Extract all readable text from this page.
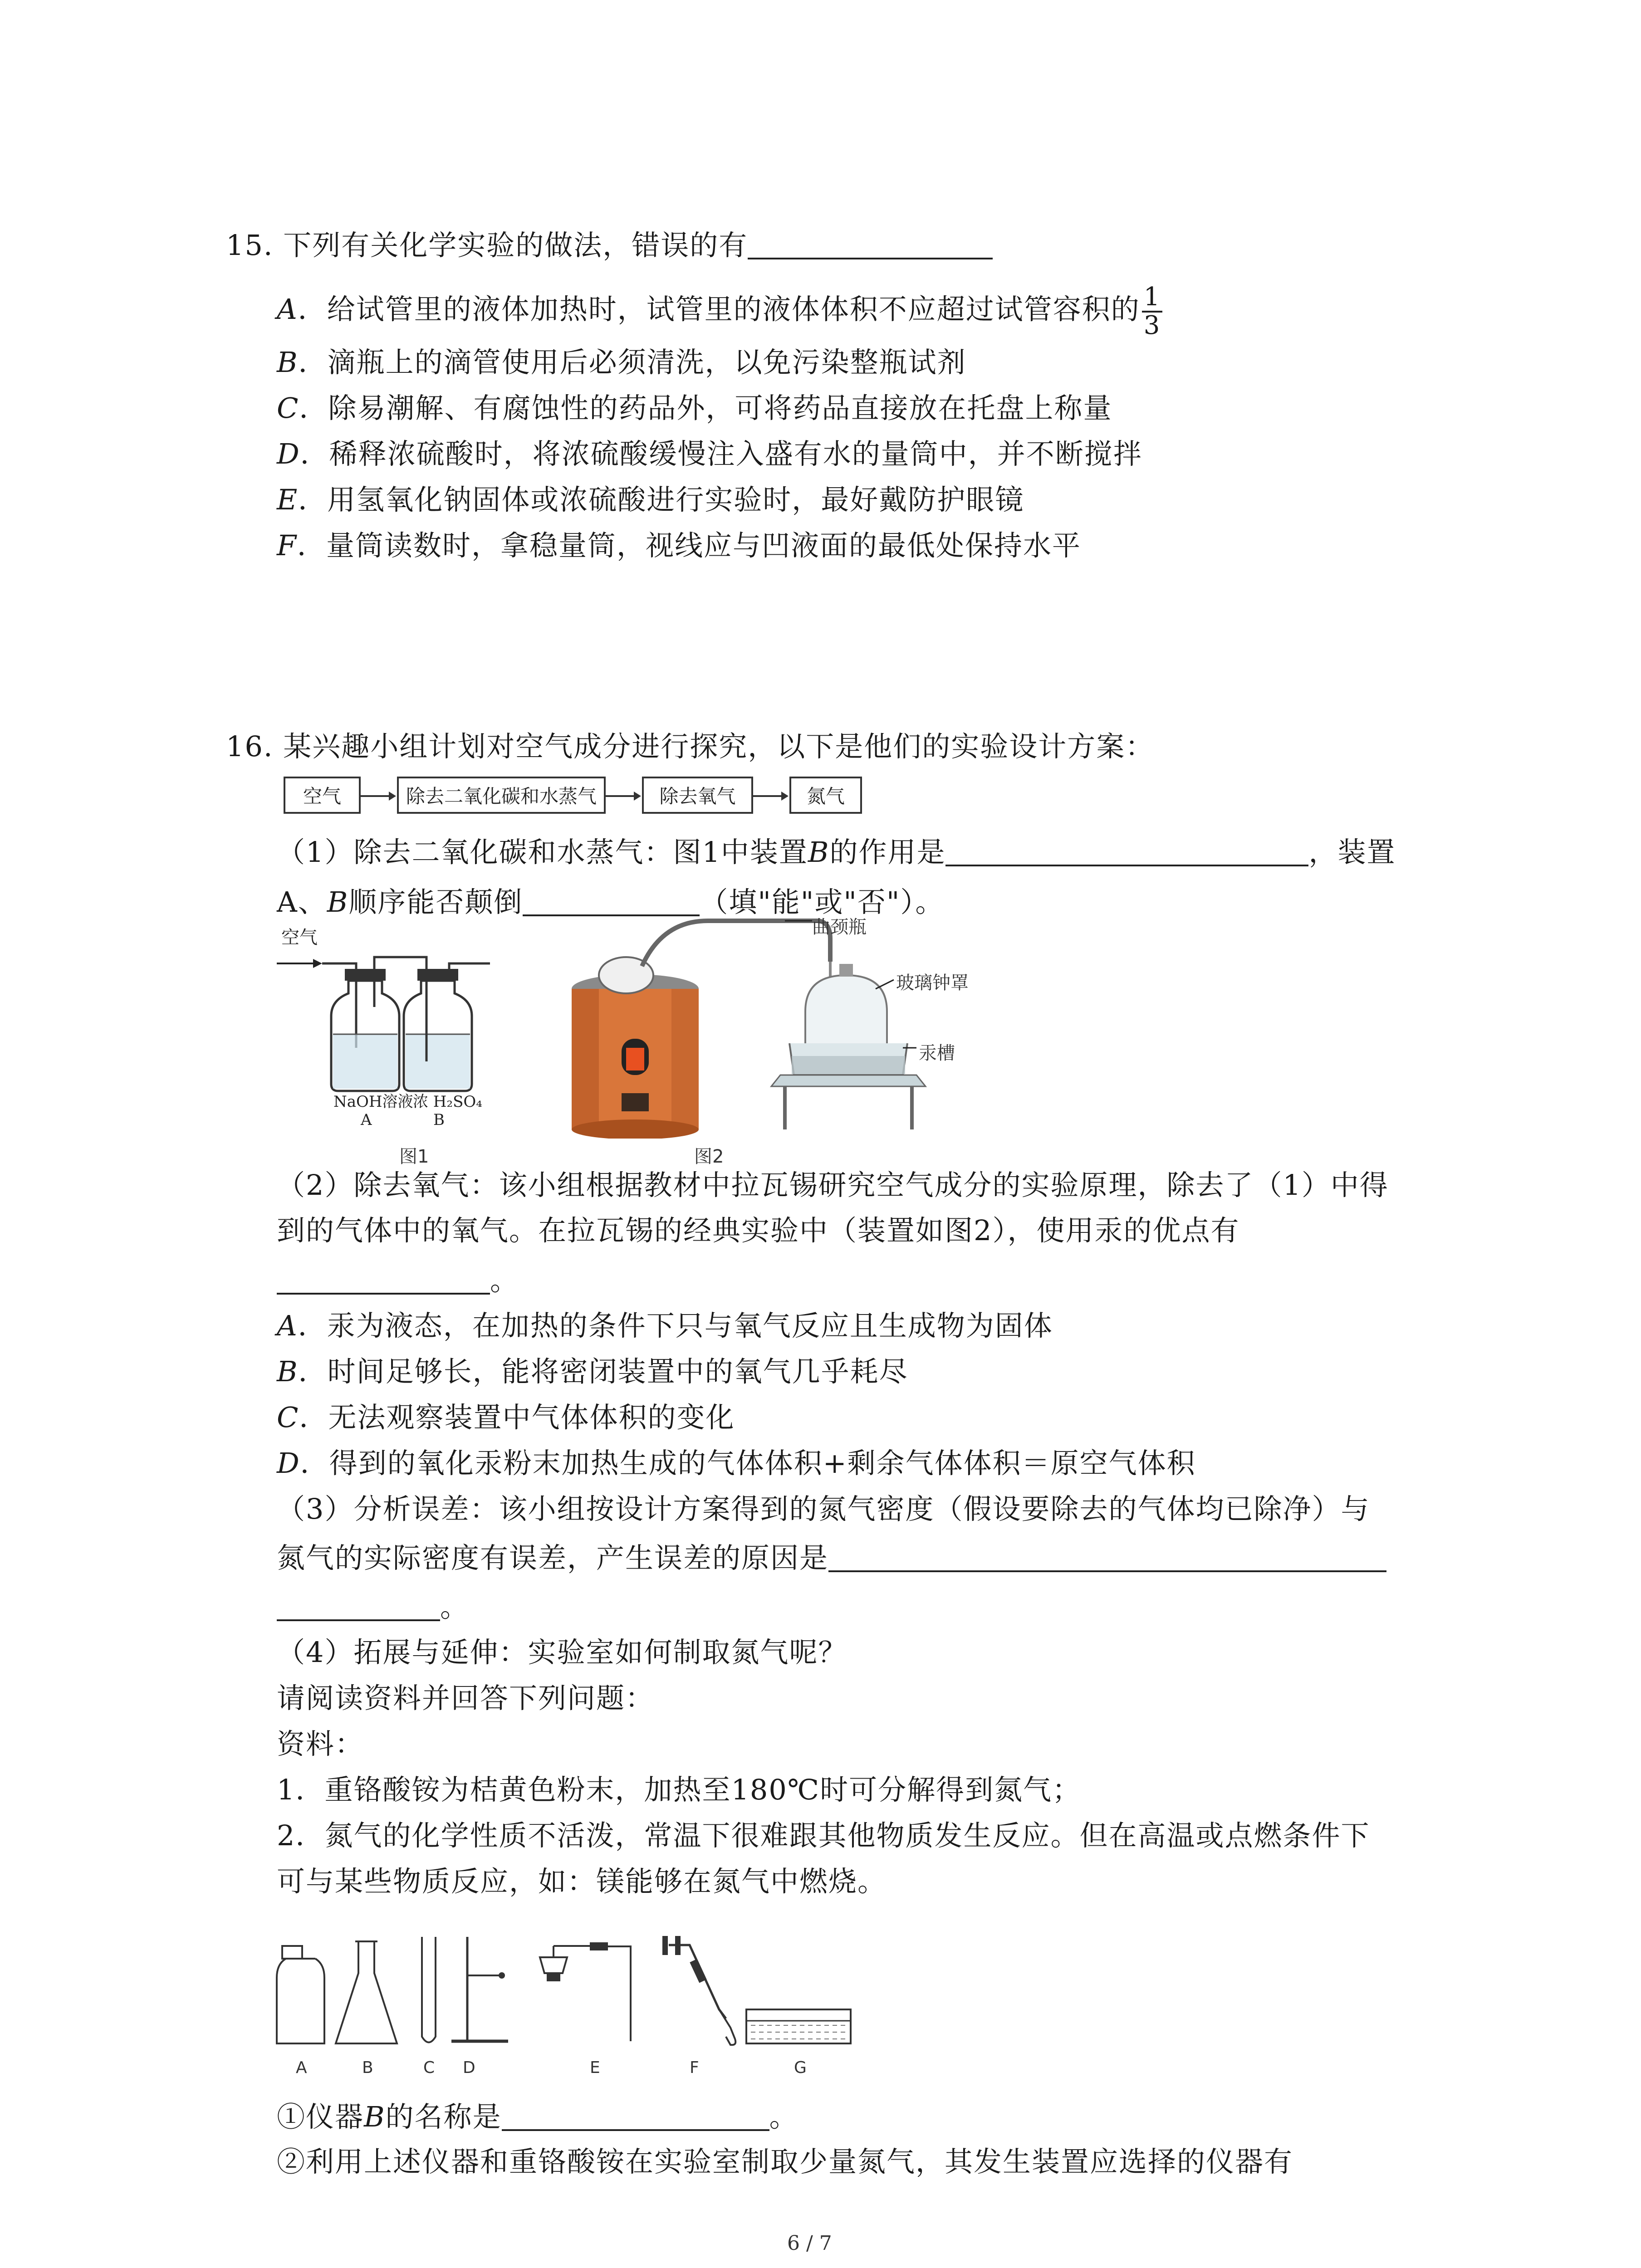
15. 下列有关化学实验的做法，错误的有
A．给试管里的液体加热时，试管里的液体体积不应超过试管容积的 $\frac{1}{3}$
B．滴瓶上的滴管使用后必须清洗，以免污染整瓶试剂
C．除易潮解、有腐蚀性的药品外，可将药品直接放在托盘上称量
D．稀释浓硫酸时，将浓硫酸缓慢注入盛有水的量筒中，并不断搅拌
E．用氢氧化钠固体或浓硫酸进行实验时，最好戴防护眼镜
F．量筒读数时，拿稳量筒，视线应与凹液面的最低处保持水平
16. 某兴趣小组计划对空气成分进行探究，以下是他们的实验设计方案：
空气	除去二氧化碳和水蒸气	除去氧气	氮气
（1）除去二氧化碳和水蒸气：图1中装置B的作用是	，装置
A、B顺序能否颠倒	（填"能"或"否"）。
空气
NaOH溶液 浓 H₂SO₄
A	B
图1
曲颈瓶
玻璃钟罩
汞槽
图2
（2）除去氧气：该小组根据教材中拉瓦锡研究空气成分的实验原理，除去了（1）中得
到的气体中的氧气。在拉瓦锡的经典实验中（装置如图2），使用汞的优点有
。
A．汞为液态，在加热的条件下只与氧气反应且生成物为固体
B．时间足够长，能将密闭装置中的氧气几乎耗尽
C．无法观察装置中气体体积的变化
D．得到的氧化汞粉末加热生成的气体体积+剩余气体体积＝原空气体积
（3）分析误差：该小组按设计方案得到的氮气密度（假设要除去的气体均已除净）与
氮气的实际密度有误差，产生误差的原因是
。
（4）拓展与延伸：实验室如何制取氮气呢？
请阅读资料并回答下列问题：
资料：
1．重铬酸铵为桔黄色粉末，加热至180℃时可分解得到氮气；
2．氮气的化学性质不活泼，常温下很难跟其他物质发生反应。但在高温或点燃条件下
可与某些物质反应，如：镁能够在氮气中燃烧。
A	B	C D	E	F	G
①仪器B的名称是	。
②利用上述仪器和重铬酸铵在实验室制取少量氮气，其发生装置应选择的仪器有
6 / 7
